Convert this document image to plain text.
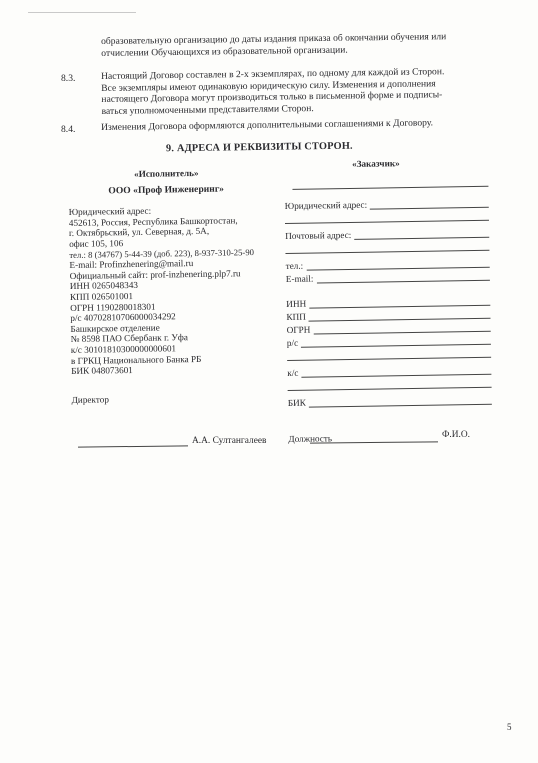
образовательную организацию до даты издания приказа об окончании обучения или
отчислении Обучающихся из образовательной организации.
8.3.	Настоящий Договор составлен в 2-х экземплярах, по одному для каждой из Сторон.
Все экземпляры имеют одинаковую юридическую силу. Изменения и дополнения
настоящего Договора могут производиться только в письменной форме и подписы-
ваться уполномоченными представителями Сторон.
8.4.	Изменения Договора оформляются дополнительными соглашениями к Договору.
9. АДРЕСА И РЕКВИЗИТЫ СТОРОН.
«Исполнитель»
ООО «Проф Инженеринг»
Юридический адрес:
452613, Россия, Республика Башкортостан,
г. Октябрьский, ул. Северная, д. 5А,
офис 105, 106
тел.: 8 (34767) 5-44-39 (доб. 223), 8-937-310-25-90
E-mail: Profinzhenering@mail.ru
Официальный сайт: prof-inzhenering.plp7.ru
ИНН 0265048343
КПП 026501001
ОГРН 1190280018301
р/с 40702810706000034292
Башкирское отделение
№ 8598 ПАО Сбербанк г. Уфа
к/с 30101810300000000601
в ГРКЦ Национального Банка РБ
БИК 048073601
Директор
А.А. Султангалеев
«Заказчик»
Юридический адрес:
Почтовый адрес:
тел.:
E-mail:
ИНН
КПП
ОГРН
р/с
к/с
БИК
Должность	Ф.И.О.
5
